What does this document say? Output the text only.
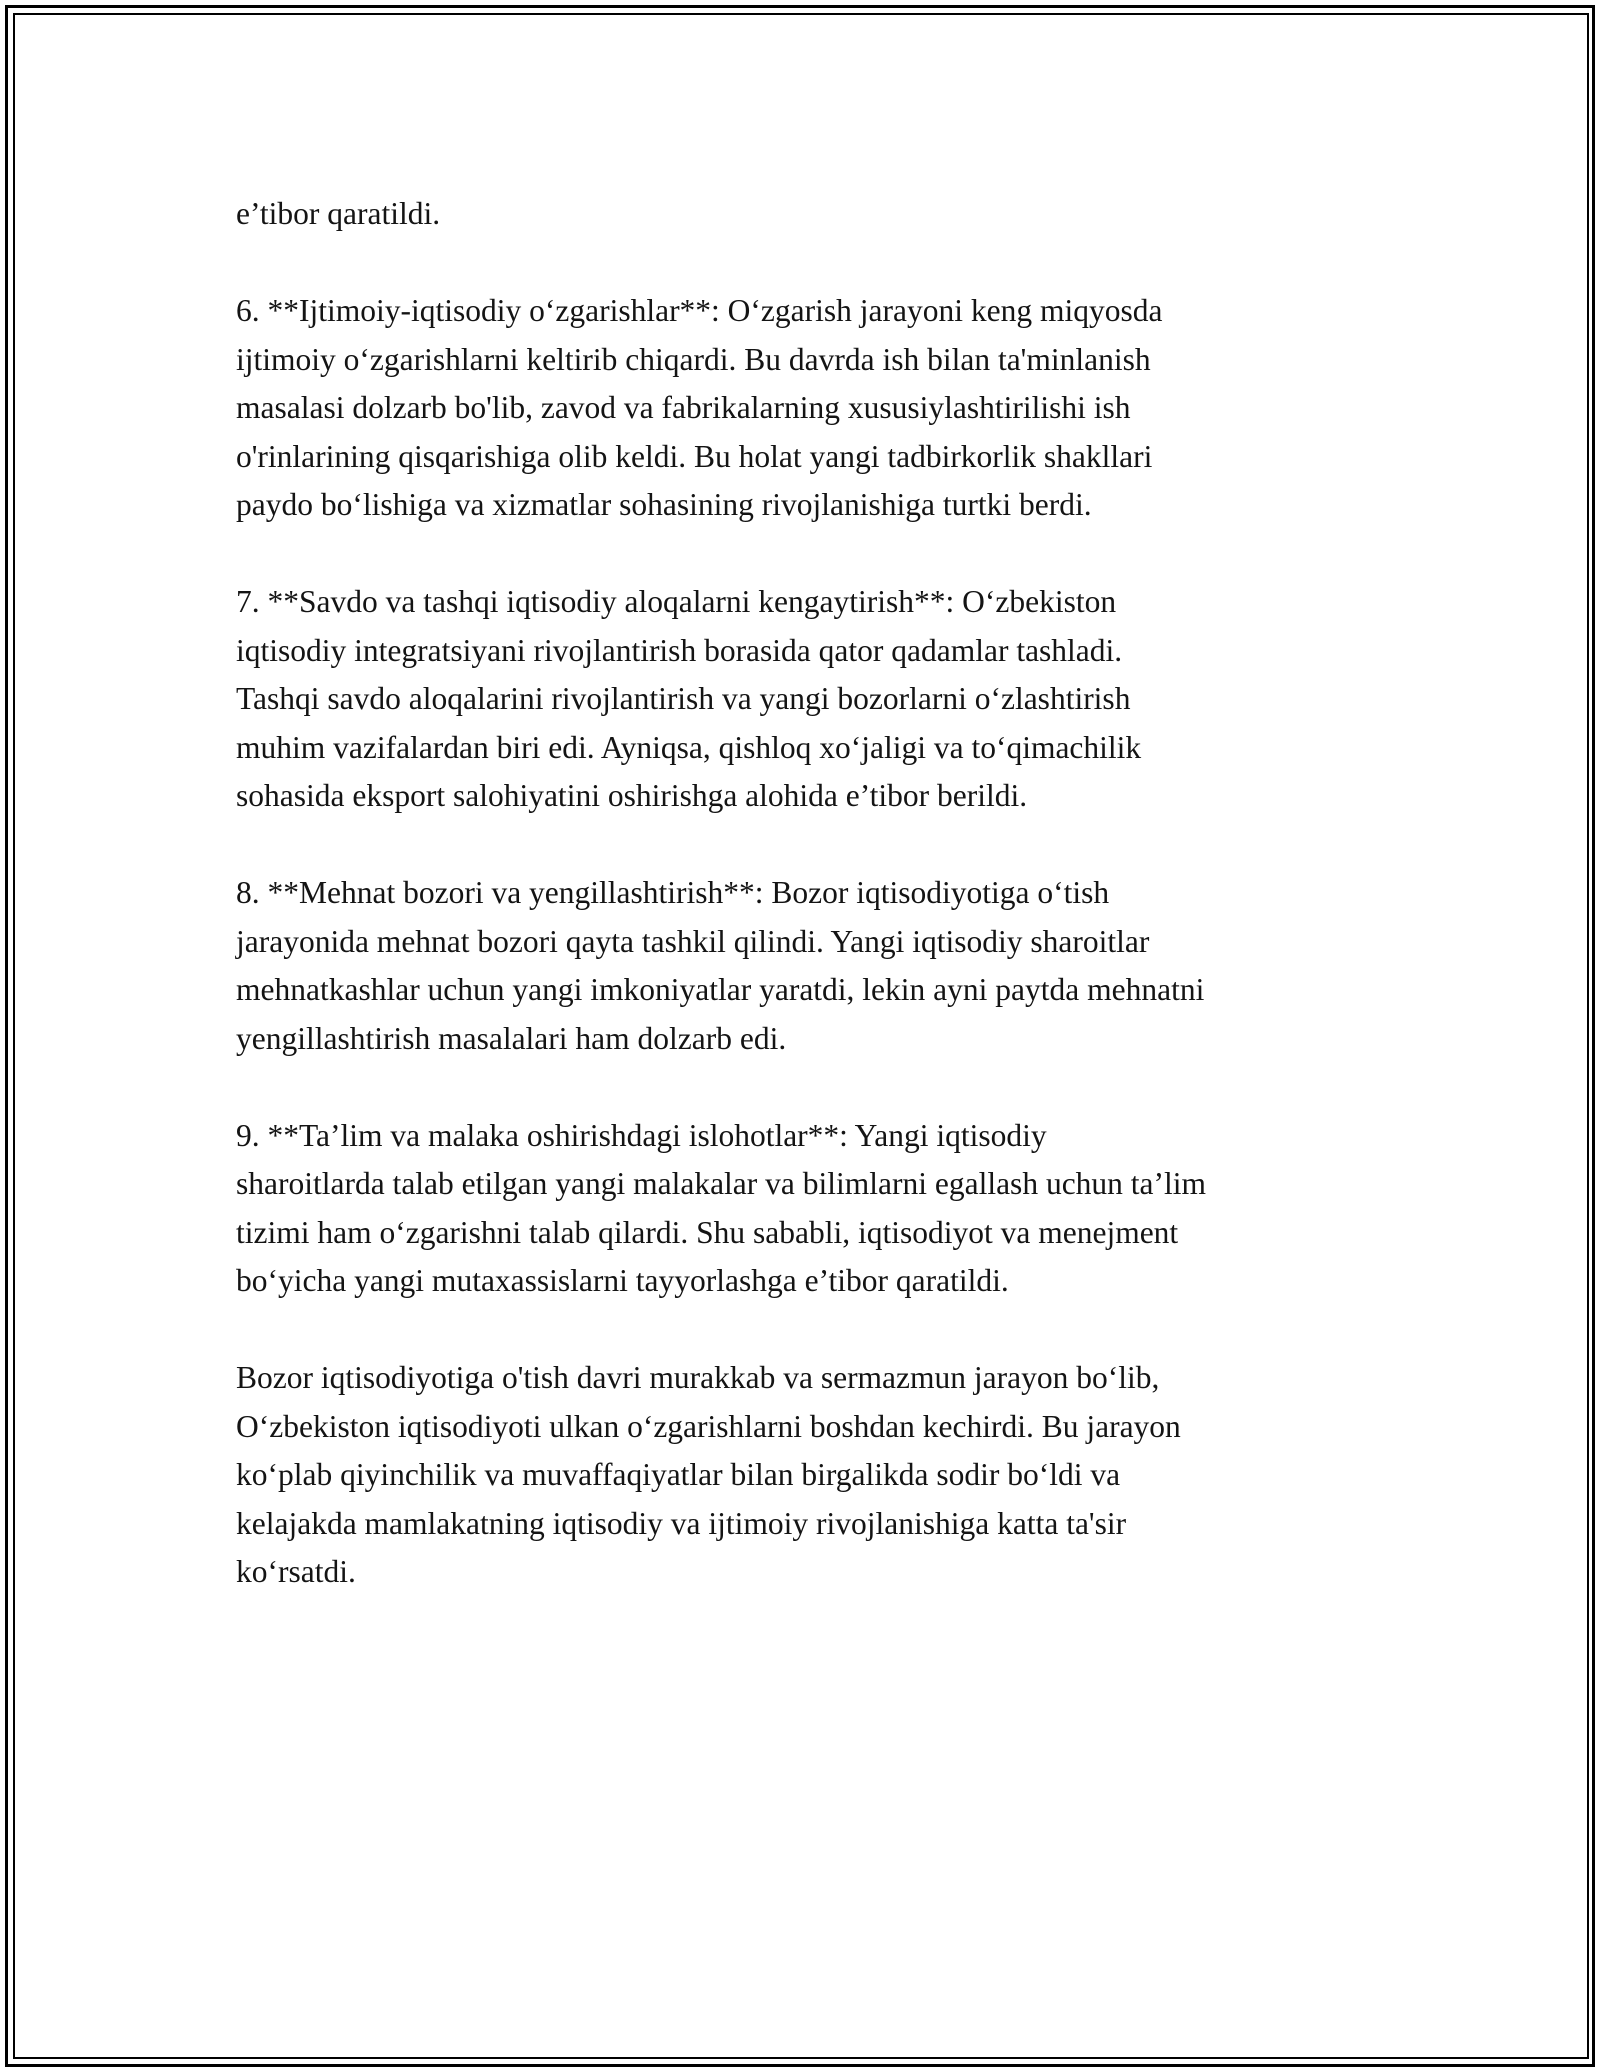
e’tibor qaratildi.

6. **Ijtimoiy-iqtisodiy o‘zgarishlar**: O‘zgarish jarayoni keng miqyosda
ijtimoiy o‘zgarishlarni keltirib chiqardi. Bu davrda ish bilan ta'minlanish
masalasi dolzarb bo'lib, zavod va fabrikalarning xususiylashtirilishi ish
o'rinlarining qisqarishiga olib keldi. Bu holat yangi tadbirkorlik shakllari
paydo bo‘lishiga va xizmatlar sohasining rivojlanishiga turtki berdi.

7. **Savdo va tashqi iqtisodiy aloqalarni kengaytirish**: O‘zbekiston
iqtisodiy integratsiyani rivojlantirish borasida qator qadamlar tashladi.
Tashqi savdo aloqalarini rivojlantirish va yangi bozorlarni o‘zlashtirish
muhim vazifalardan biri edi. Ayniqsa, qishloq xo‘jaligi va to‘qimachilik
sohasida eksport salohiyatini oshirishga alohida e’tibor berildi.

8. **Mehnat bozori va yengillashtirish**: Bozor iqtisodiyotiga o‘tish
jarayonida mehnat bozori qayta tashkil qilindi. Yangi iqtisodiy sharoitlar
mehnatkashlar uchun yangi imkoniyatlar yaratdi, lekin ayni paytda mehnatni
yengillashtirish masalalari ham dolzarb edi.

9. **Ta’lim va malaka oshirishdagi islohotlar**: Yangi iqtisodiy
sharoitlarda talab etilgan yangi malakalar va bilimlarni egallash uchun ta’lim
tizimi ham o‘zgarishni talab qilardi. Shu sababli, iqtisodiyot va menejment
bo‘yicha yangi mutaxassislarni tayyorlashga e’tibor qaratildi.

Bozor iqtisodiyotiga o'tish davri murakkab va sermazmun jarayon bo‘lib,
O‘zbekiston iqtisodiyoti ulkan o‘zgarishlarni boshdan kechirdi. Bu jarayon
ko‘plab qiyinchilik va muvaffaqiyatlar bilan birgalikda sodir bo‘ldi va
kelajakda mamlakatning iqtisodiy va ijtimoiy rivojlanishiga katta ta'sir
ko‘rsatdi.
